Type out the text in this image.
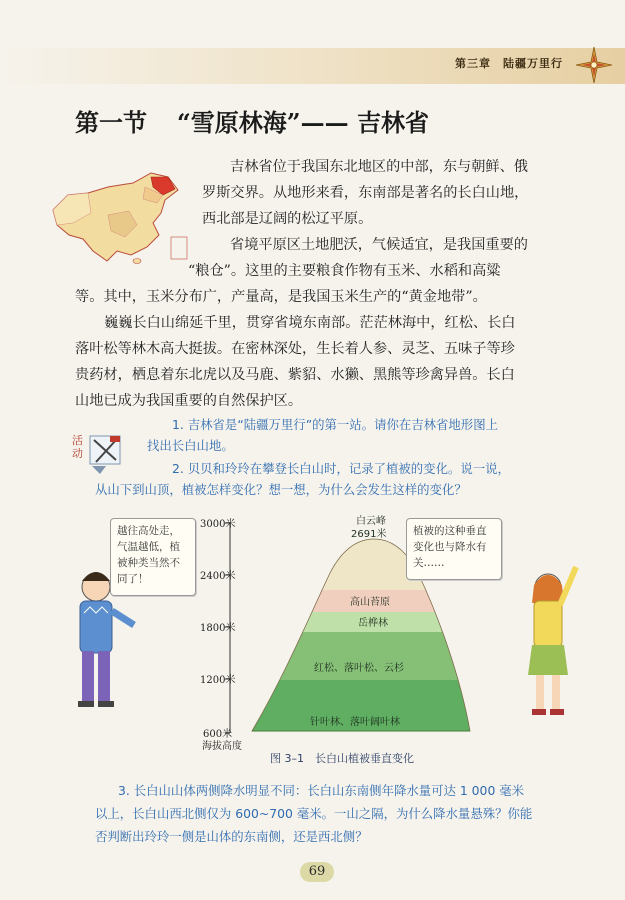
第三章　陆疆万里行
第一节 “雪原林海”—— 吉林省

吉林省位于我国东北地区的中部，东与朝鲜、俄

罗斯交界。从地形来看，东南部是著名的长白山地，

西北部是辽阔的松辽平原。

省境平原区土地肥沃，气候适宜，是我国重要的

“粮仓”。这里的主要粮食作物有玉米、水稻和高粱

等。其中，玉米分布广，产量高，是我国玉米生产的“黄金地带”。

巍巍长白山绵延千里，贯穿省境东南部。茫茫林海中，红松、长白

落叶松等林木高大挺拔。在密林深处，生长着人参、灵芝、五味子等珍

贵药材，栖息着东北虎以及马鹿、紫貂、水獭、黑熊等珍禽异兽。长白

山地已成为我国重要的自然保护区。

活动

1. 吉林省是“陆疆万里行”的第一站。请你在吉林省地形图上

找出长白山地。

2. 贝贝和玲玲在攀登长白山时，记录了植被的变化。说一说，

从山下到山顶，植被怎样变化？想一想，为什么会发生这样的变化？

3000米
2400米
1800米
1200米
600米
海拔高度
白云峰
2691米
高山苔原
岳桦林
红松、落叶松、云杉
针叶林、落叶阔叶林
越往高处走，气温越低，植被种类当然不同了！
植被的这种垂直变化也与降水有关……
图 3–1　长白山植被垂直变化

3. 长白山山体两侧降水明显不同：长白山东南侧年降水量可达 1 000 毫米

以上，长白山西北侧仅为 600~700 毫米。一山之隔，为什么降水量悬殊？你能

否判断出玲玲一侧是山体的东南侧，还是西北侧？

69
